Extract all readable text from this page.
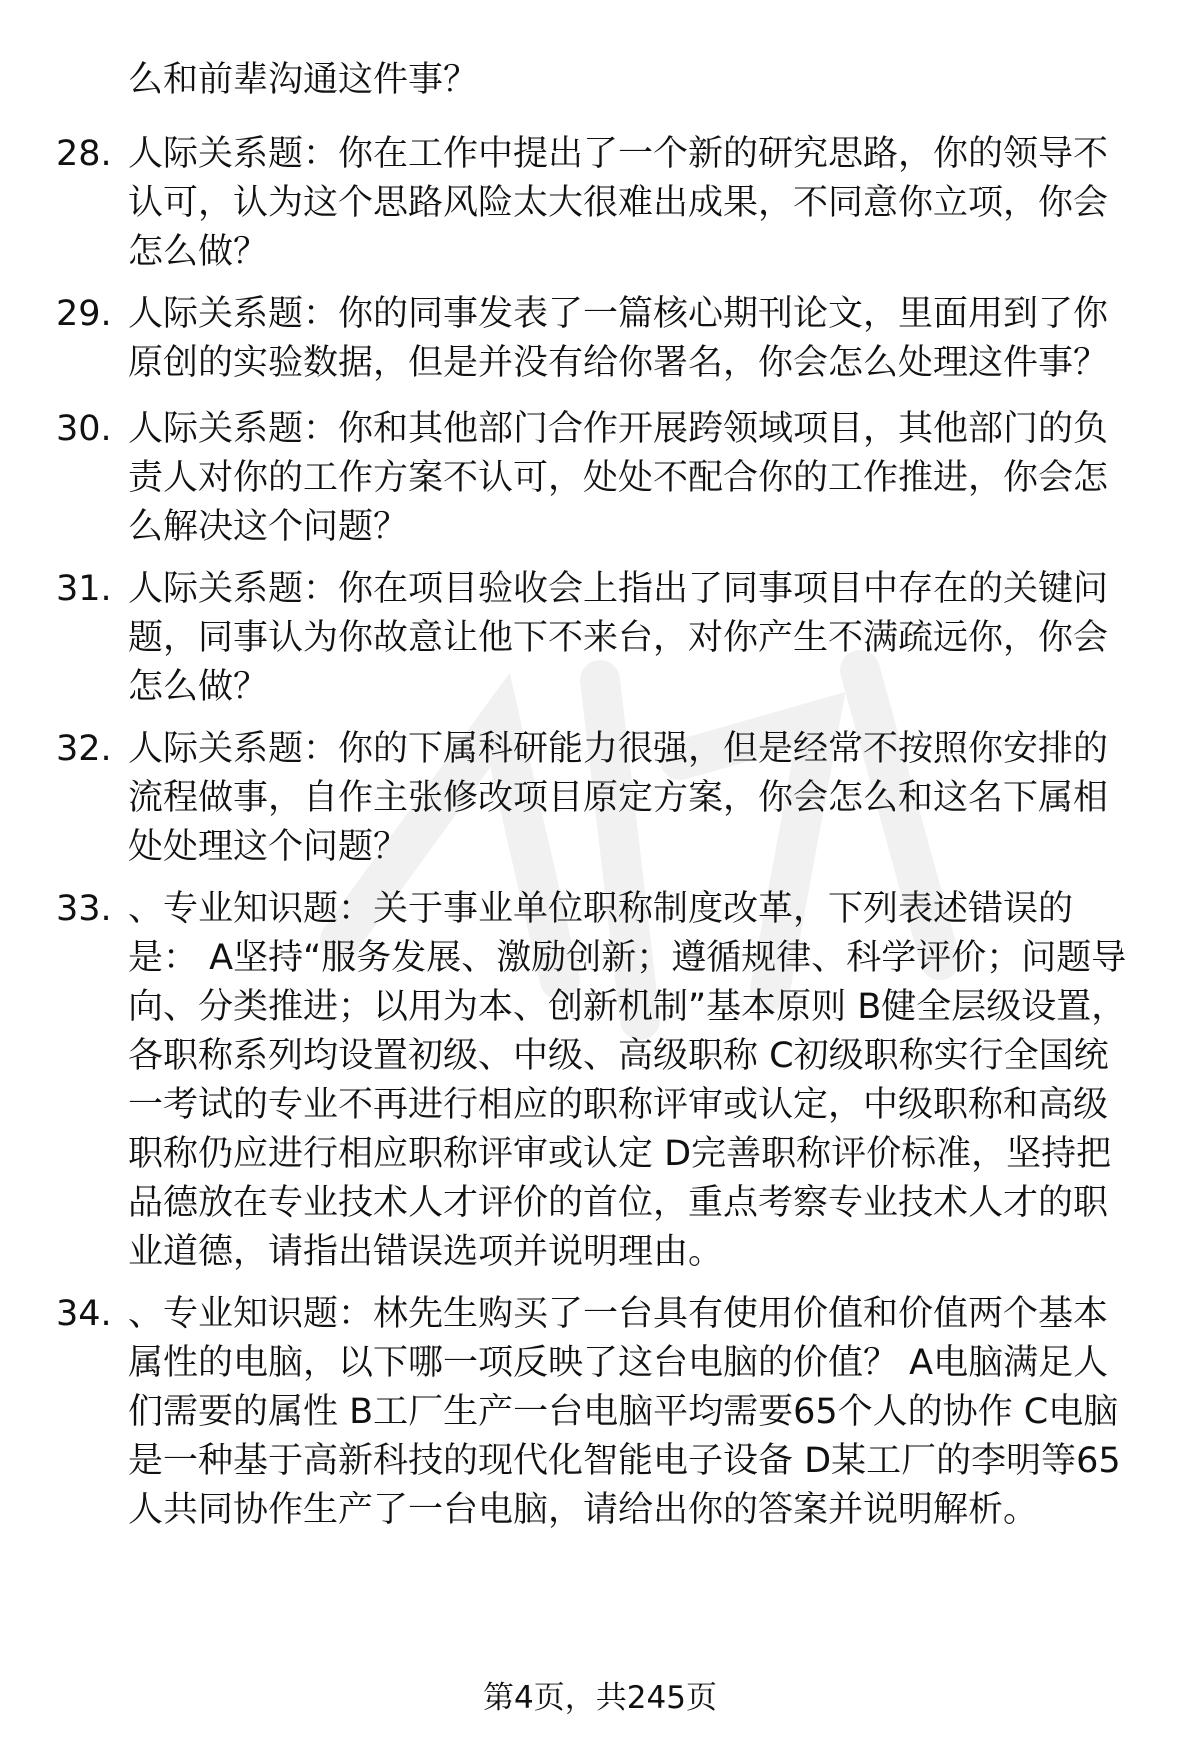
么和前辈沟通这件事？

28. 人际关系题：你在工作中提出了一个新的研究思路，你的领导不认可，认为这个思路风险太大很难出成果，不同意你立项，你会怎么做？

29. 人际关系题：你的同事发表了一篇核心期刊论文，里面用到了你原创的实验数据，但是并没有给你署名，你会怎么处理这件事？

30. 人际关系题：你和其他部门合作开展跨领域项目，其他部门的负责人对你的工作方案不认可，处处不配合你的工作推进，你会怎么解决这个问题？

31. 人际关系题：你在项目验收会上指出了同事项目中存在的关键问题，同事认为你故意让他下不来台，对你产生不满疏远你，你会怎么做？

32. 人际关系题：你的下属科研能力很强，但是经常不按照你安排的流程做事，自作主张修改项目原定方案，你会怎么和这名下属相处处理这个问题？

33. 、专业知识题：关于事业单位职称制度改革，下列表述错误的是： A坚持“服务发展、激励创新；遵循规律、科学评价；问题导向、分类推进；以用为本、创新机制”基本原则 B健全层级设置，各职称系列均设置初级、中级、高级职称 C初级职称实行全国统一考试的专业不再进行相应的职称评审或认定，中级职称和高级职称仍应进行相应职称评审或认定 D完善职称评价标准，坚持把品德放在专业技术人才评价的首位，重点考察专业技术人才的职业道德，请指出错误选项并说明理由。

34. 、专业知识题：林先生购买了一台具有使用价值和价值两个基本属性的电脑，以下哪一项反映了这台电脑的价值？ A电脑满足人们需要的属性 B工厂生产一台电脑平均需要65个人的协作 C电脑是一种基于高新科技的现代化智能电子设备 D某工厂的李明等65人共同协作生产了一台电脑，请给出你的答案并说明解析。

第4页，共245页
